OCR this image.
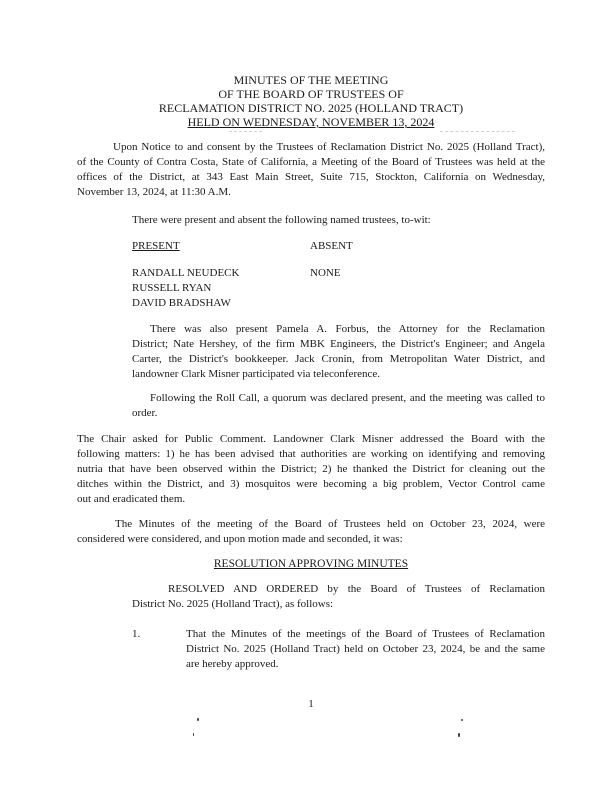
MINUTES OF THE MEETING
OF THE BOARD OF TRUSTEES OF
RECLAMATION DISTRICT NO. 2025 (HOLLAND TRACT)
HELD ON WEDNESDAY, NOVEMBER 13, 2024
Upon Notice to and consent by the Trustees of Reclamation District No. 2025 (Holland Tract),
of the County of Contra Costa, State of California, a Meeting of the Board of Trustees was held at the
offices of the District, at 343 East Main Street, Suite 715, Stockton, California on Wednesday,
November 13, 2024, at 11:30 A.M.
There were present and absent the following named trustees, to-wit:
PRESENT
RANDALL NEUDECK
RUSSELL RYAN
DAVID BRADSHAW
ABSENT
NONE
There was also present Pamela A. Forbus, the Attorney for the Reclamation
District; Nate Hershey, of the firm MBK Engineers, the District's Engineer; and Angela
Carter, the District's bookkeeper. Jack Cronin, from Metropolitan Water District, and
landowner Clark Misner participated via teleconference.
Following the Roll Call, a quorum was declared present, and the meeting was called to
order.
The Chair asked for Public Comment. Landowner Clark Misner addressed the Board with the
following matters: 1) he has been advised that authorities are working on identifying and removing
nutria that have been observed within the District; 2) he thanked the District for cleaning out the
ditches within the District, and 3) mosquitos were becoming a big problem, Vector Control came
out and eradicated them.
The Minutes of the meeting of the Board of Trustees held on October 23, 2024, were
considered were considered, and upon motion made and seconded, it was:
RESOLUTION APPROVING MINUTES
RESOLVED AND ORDERED by the Board of Trustees of Reclamation
District No. 2025 (Holland Tract), as follows:
1.	That the Minutes of the meetings of the Board of Trustees of Reclamation
District No. 2025 (Holland Tract) held on October 23, 2024, be and the same
are hereby approved.
1
